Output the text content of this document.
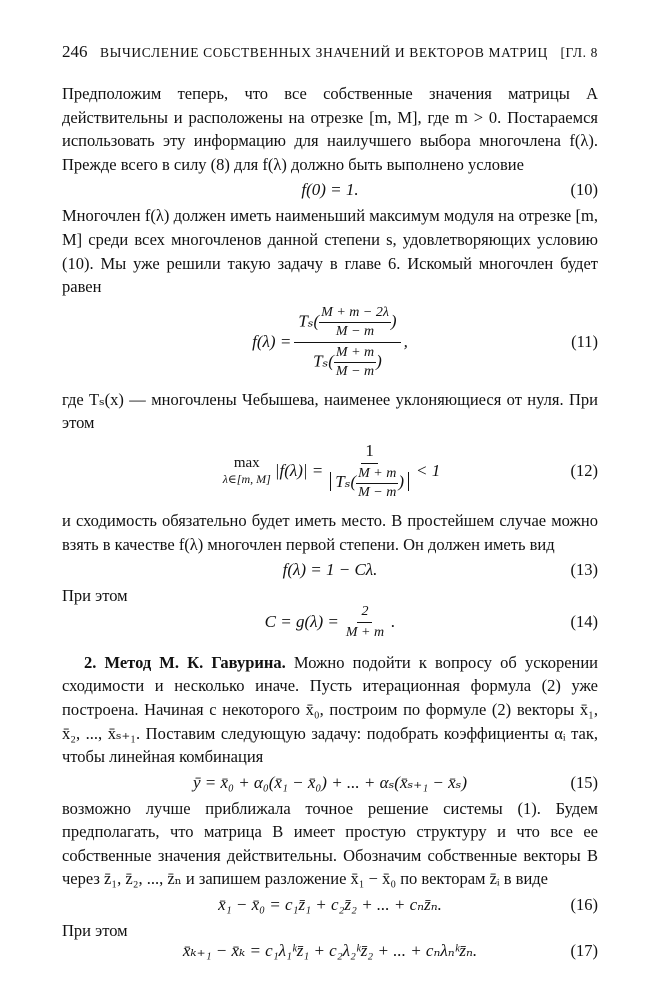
246 ВЫЧИСЛЕНИЕ СОБСТВЕННЫХ ЗНАЧЕНИЙ И ВЕКТОРОВ МАТРИЦ [ГЛ. 8

Предположим теперь, что все собственные значения матрицы A действительны и расположены на отрезке [m, M], где m > 0. Постараемся использовать эту информацию для наилучшего выбора многочлена f(λ). Прежде всего в силу (8) для f(λ) должно быть выполнено условие

f(0) = 1.	(10)

Многочлен f(λ) должен иметь наименьший максимум модуля на отрезке [m, M] среди всех многочленов данной степени s, удовлетворяющих условию (10). Мы уже решили такую задачу в главе 6. Искомый многочлен будет равен

$f(\lambda) = \frac{T_s( \frac{M + m - 2\lambda}{M - m} )}{T_s( \frac{M + m}{M - m} )}$ ,	(11)

где Tₛ(x) — многочлены Чебышева, наименее уклоняющиеся от нуля. При этом

max
λ∈[m, M] $|f(\lambda)| = \frac{1}{T_s( \frac{M + m}{M - m} )} < 1$	(12)

и сходимость обязательно будет иметь место. В простейшем случае можно взять в качестве f(λ) многочлен первой степени. Он должен иметь вид

f(λ) = 1 − Cλ.	(13)

При этом

$C = g(\lambda) = \frac{2}{M + m}$ .	(14)

2. Метод М. К. Гавурина. Можно подойти к вопросу об ускорении сходимости и несколько иначе. Пусть итерационная формула (2) уже построена. Начиная с некоторого x̄₀, построим по формуле (2) векторы x̄₁, x̄₂, ..., x̄ₛ₊₁. Поставим следующую задачу: подобрать коэффициенты αᵢ так, чтобы линейная комбинация

ȳ = x̄₀ + α₀(x̄₁ − x̄₀) + ... + αₛ(x̄ₛ₊₁ − x̄ₛ)	(15)

возможно лучше приближала точное решение системы (1). Будем предполагать, что матрица B имеет простую структуру и что все ее собственные значения действительны. Обозначим собственные векторы B через z̄₁, z̄₂, ..., z̄ₙ и запишем разложение x̄₁ − x̄₀ по векторам z̄ᵢ в виде

x̄₁ − x̄₀ = c₁z̄₁ + c₂z̄₂ + ... + cₙz̄ₙ.	(16)

При этом

x̄ₖ₊₁ − x̄ₖ = c₁λ₁ᵏz̄₁ + c₂λ₂ᵏz̄₂ + ... + cₙλₙᵏz̄ₙ.	(17)
